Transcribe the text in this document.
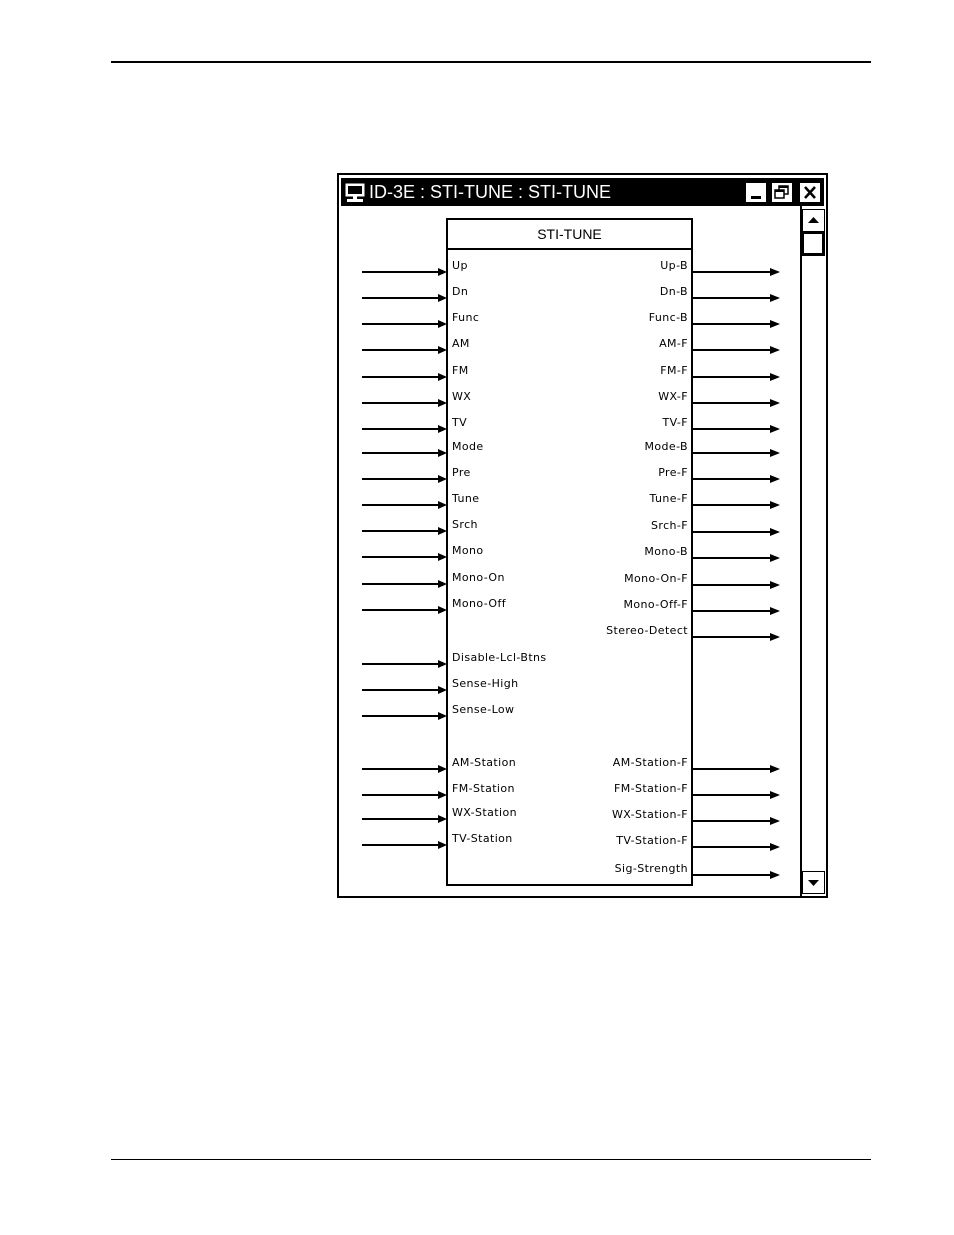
ID-3E : STI-TUNE : STI-TUNE
STI-TUNE
Up
Dn
Func
AM
FM
WX
TV
Mode
Pre
Tune
Srch
Mono
Mono-On
Mono-Off
Disable-Lcl-Btns
Sense-High
Sense-Low
AM-Station
FM-Station
WX-Station
TV-Station
Up-B
Dn-B
Func-B
AM-F
FM-F
WX-F
TV-F
Mode-B
Pre-F
Tune-F
Srch-F
Mono-B
Mono-On-F
Mono-Off-F
Stereo-Detect
AM-Station-F
FM-Station-F
WX-Station-F
TV-Station-F
Sig-Strength
